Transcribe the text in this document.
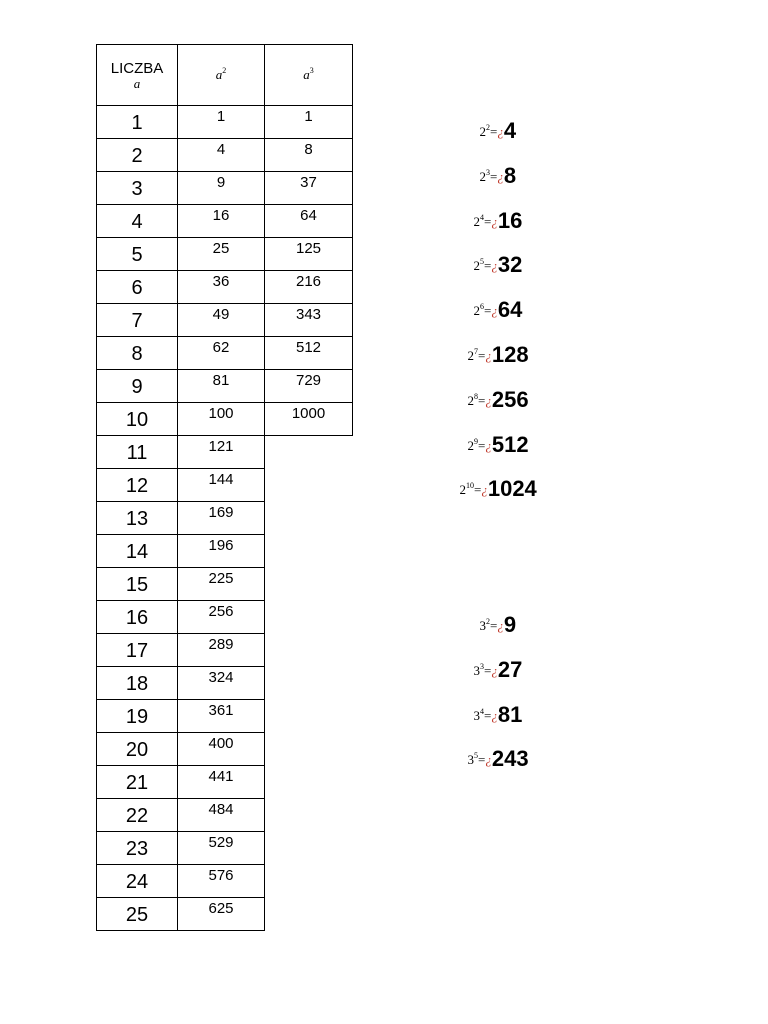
LICZBA
a	$a^2$	$a^3$
1	1	1
2	4	8
3	9	37
4	16	64
5	25	125
6	36	216
7	49	343
8	62	512
9	81	729
10	100	1000
11	121	
12	144	
13	169	
14	196	
15	225	
16	256	
17	289	
18	324	
19	361	
20	400	
21	441	
22	484	
23	529	
24	576	
25	625	
$2^2=¿4$
$2^3=¿8$
$2^4=¿16$
$2^5=¿32$
$2^6=¿64$
$2^7=¿128$
$2^8=¿256$
$2^9=¿512$
$2^{10}=¿1024$
$3^2=¿9$
$3^3=¿27$
$3^4=¿81$
$3^5=¿243$
